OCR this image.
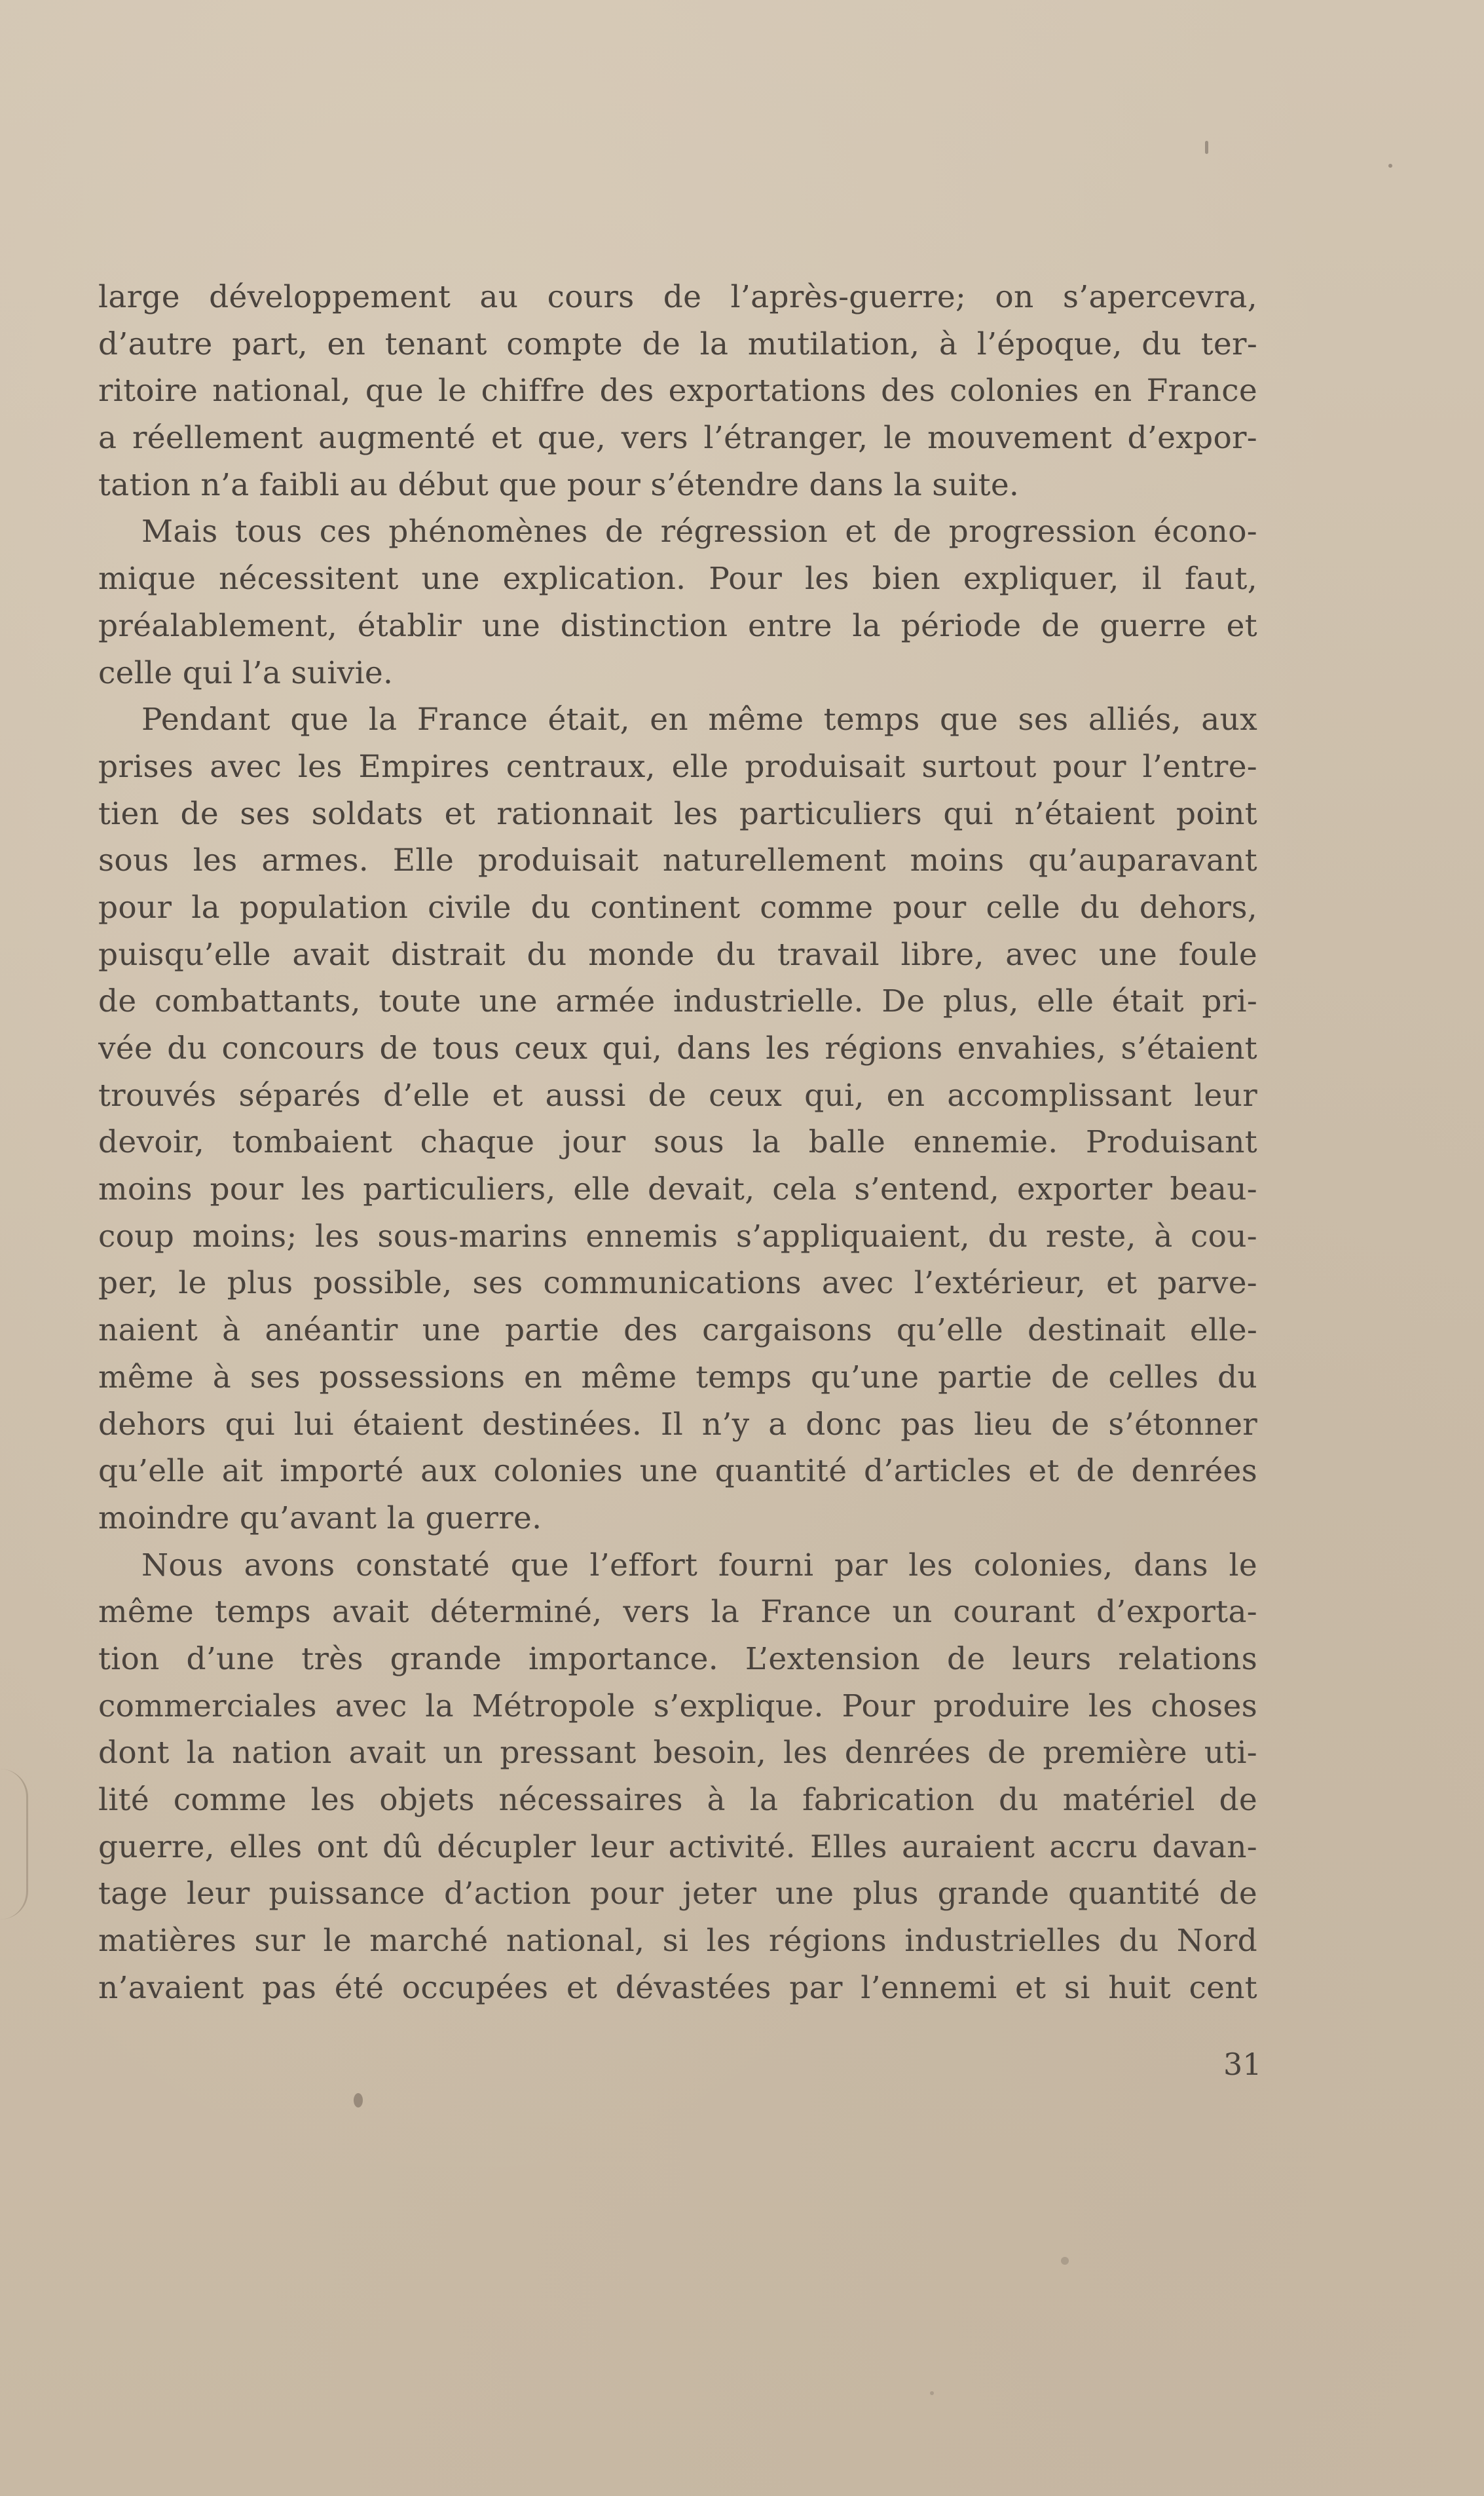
large développement au cours de l’après-guerre; on s’apercevra,
d’autre part, en tenant compte de la mutilation, à l’époque, du ter-
ritoire national, que le chiffre des exportations des colonies en France
a réellement augmenté et que, vers l’étranger, le mouvement d’expor-
tation n’a faibli au début que pour s’étendre dans la suite.

Mais tous ces phénomènes de régression et de progression écono-
mique nécessitent une explication. Pour les bien expliquer, il faut,
préalablement, établir une distinction entre la période de guerre et
celle qui l’a suivie.

Pendant que la France était, en même temps que ses alliés, aux
prises avec les Empires centraux, elle produisait surtout pour l’entre-
tien de ses soldats et rationnait les particuliers qui n’étaient point
sous les armes. Elle produisait naturellement moins qu’auparavant
pour la population civile du continent comme pour celle du dehors,
puisqu’elle avait distrait du monde du travail libre, avec une foule
de combattants, toute une armée industrielle. De plus, elle était pri-
vée du concours de tous ceux qui, dans les régions envahies, s’étaient
trouvés séparés d’elle et aussi de ceux qui, en accomplissant leur
devoir, tombaient chaque jour sous la balle ennemie. Produisant
moins pour les particuliers, elle devait, cela s’entend, exporter beau-
coup moins; les sous-marins ennemis s’appliquaient, du reste, à cou-
per, le plus possible, ses communications avec l’extérieur, et parve-
naient à anéantir une partie des cargaisons qu’elle destinait elle-
même à ses possessions en même temps qu’une partie de celles du
dehors qui lui étaient destinées. Il n’y a donc pas lieu de s’étonner
qu’elle ait importé aux colonies une quantité d’articles et de denrées
moindre qu’avant la guerre.

Nous avons constaté que l’effort fourni par les colonies, dans le
même temps avait déterminé, vers la France un courant d’exporta-
tion d’une très grande importance. L’extension de leurs relations
commerciales avec la Métropole s’explique. Pour produire les choses
dont la nation avait un pressant besoin, les denrées de première uti-
lité comme les objets nécessaires à la fabrication du matériel de
guerre, elles ont dû décupler leur activité. Elles auraient accru davan-
tage leur puissance d’action pour jeter une plus grande quantité de
matières sur le marché national, si les régions industrielles du Nord
n’avaient pas été occupées et dévastées par l’ennemi et si huit cent

31
